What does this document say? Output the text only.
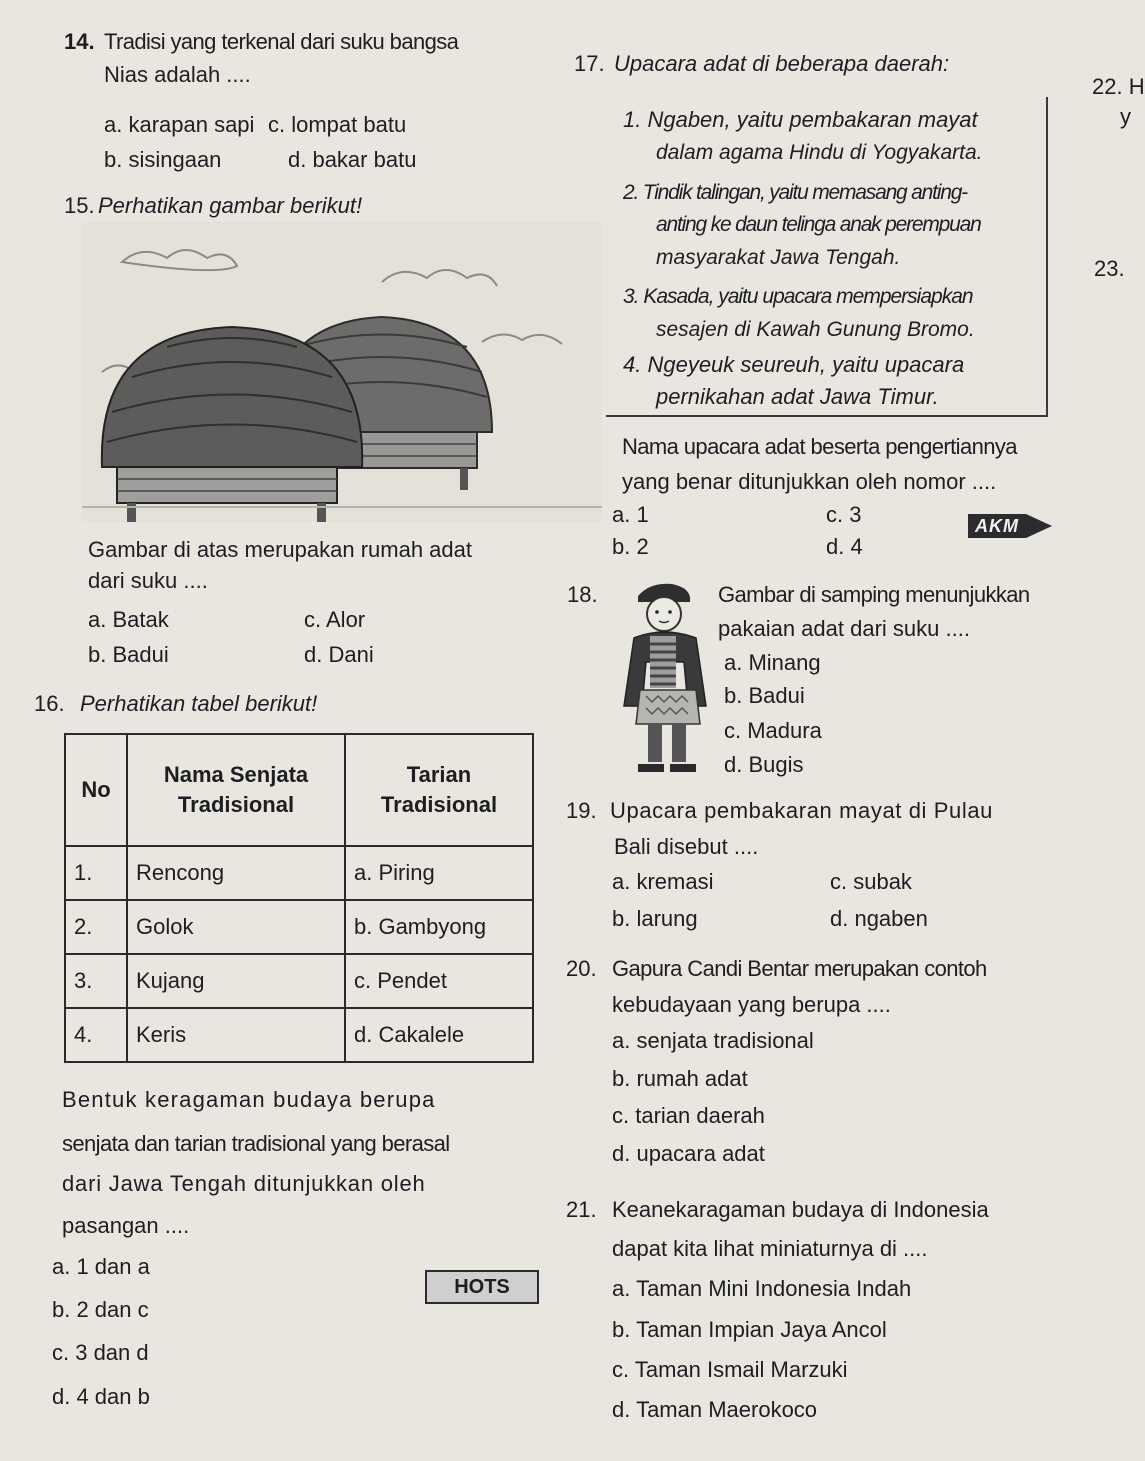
14. Tradisi yang terkenal dari suku bangsa
Nias adalah ....
a. karapan sapi c. lompat batu
b. sisingaan	d. bakar batu
15. Perhatikan gambar berikut!
Gambar di atas merupakan rumah adat
dari suku ....
a. Batak	c. Alor
b. Badui	d. Dani
16. Perhatikan tabel berikut!
No	Nama Senjata Tradisional	Tarian Tradisional
1.	Rencong	a. Piring
2.	Golok	b. Gambyong
3.	Kujang	c. Pendet
4.	Keris	d. Cakalele
Bentuk keragaman budaya berupa
senjata dan tarian tradisional yang berasal
dari Jawa Tengah ditunjukkan oleh
pasangan ....
a. 1 dan a
b. 2 dan c
c. 3 dan d
d. 4 dan b
HOTS
17. Upacara adat di beberapa daerah:
1. Ngaben, yaitu pembakaran mayat
dalam agama Hindu di Yogyakarta.
2. Tindik talingan, yaitu memasang anting-
anting ke daun telinga anak perempuan
masyarakat Jawa Tengah.
3. Kasada, yaitu upacara mempersiapkan
sesajen di Kawah Gunung Bromo.
4. Ngeyeuk seureuh, yaitu upacara
pernikahan adat Jawa Timur.
Nama upacara adat beserta pengertiannya
yang benar ditunjukkan oleh nomor ....
a. 1	c. 3
b. 2	d. 4
AKM
18.	Gambar di samping menunjukkan
pakaian adat dari suku ....
a. Minang
b. Badui
c. Madura
d. Bugis
19. Upacara pembakaran mayat di Pulau
Bali disebut ....
a. kremasi	c. subak
b. larung	d. ngaben
20. Gapura Candi Bentar merupakan contoh
kebudayaan yang berupa ....
a. senjata tradisional
b. rumah adat
c. tarian daerah
d. upacara adat
21. Keanekaragaman budaya di Indonesia
dapat kita lihat miniaturnya di ....
a. Taman Mini Indonesia Indah
b. Taman Impian Jaya Ancol
c. Taman Ismail Marzuki
d. Taman Maerokoco
22. H
y
23.
